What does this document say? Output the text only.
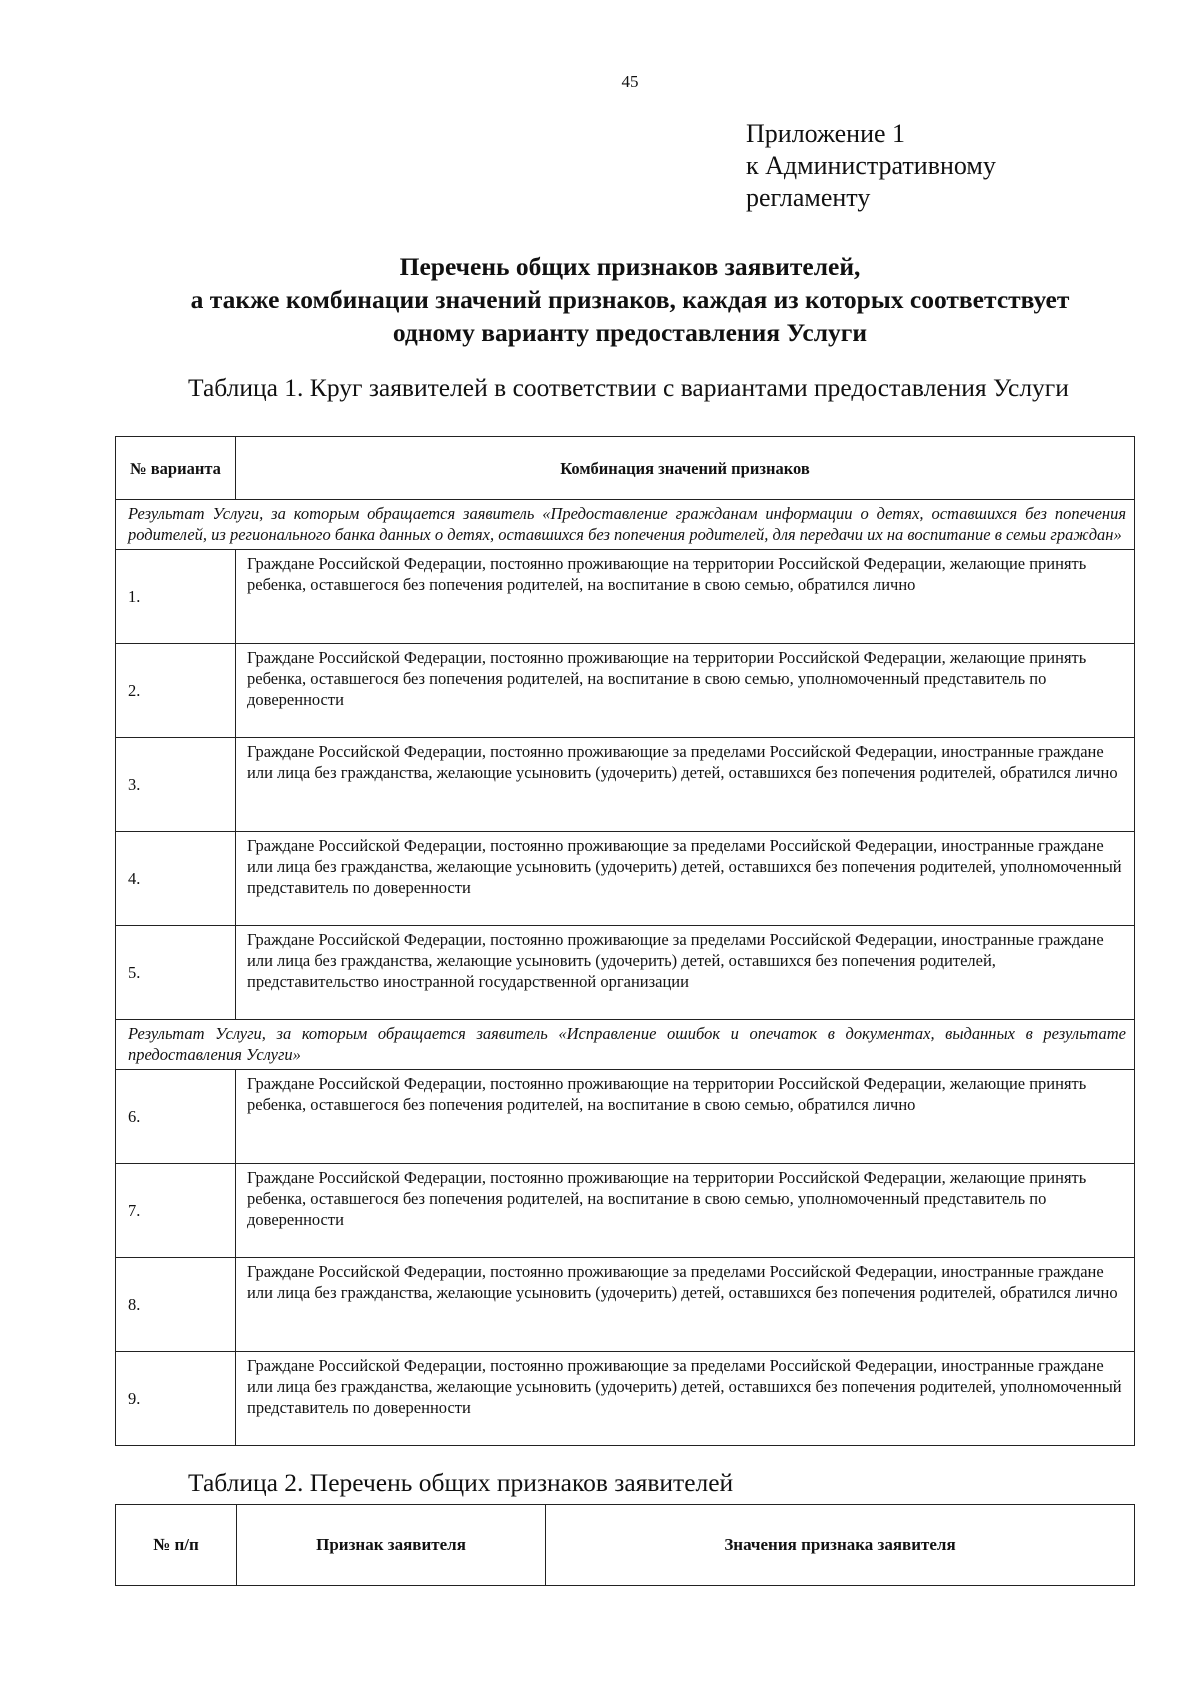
45
Приложение 1
к Административному
регламенту
Перечень общих признаков заявителей,
а также комбинации значений признаков, каждая из которых соответствует
одному варианту предоставления Услуги
Таблица 1. Круг заявителей в соответствии с вариантами предоставления Услуги
№ варианта	Комбинация значений признаков
Результат Услуги, за которым обращается заявитель «Предоставление гражданам информации о детях, оставшихся без попечения родителей, из регионального банка данных о детях, оставшихся без попечения родителей, для передачи их на воспитание в семьи граждан»	
1.	Граждане Российской Федерации, постоянно проживающие на территории Российской Федерации, желающие принять ребенка, оставшегося без попечения родителей, на воспитание в свою семью, обратился лично
2.	Граждане Российской Федерации, постоянно проживающие на территории Российской Федерации, желающие принять ребенка, оставшегося без попечения родителей, на воспитание в свою семью, уполномоченный представитель по доверенности
3.	Граждане Российской Федерации, постоянно проживающие за пределами Российской Федерации, иностранные граждане или лица без гражданства, желающие усыновить (удочерить) детей, оставшихся без попечения родителей, обратился лично
4.	Граждане Российской Федерации, постоянно проживающие за пределами Российской Федерации, иностранные граждане или лица без гражданства, желающие усыновить (удочерить) детей, оставшихся без попечения родителей, уполномоченный представитель по доверенности
5.	Граждане Российской Федерации, постоянно проживающие за пределами Российской Федерации, иностранные граждане или лица без гражданства, желающие усыновить (удочерить) детей, оставшихся без попечения родителей, представительство иностранной государственной организации
Результат Услуги, за которым обращается заявитель «Исправление ошибок и опечаток в документах, выданных в результате предоставления Услуги»	
6.	Граждане Российской Федерации, постоянно проживающие на территории Российской Федерации, желающие принять ребенка, оставшегося без попечения родителей, на воспитание в свою семью, обратился лично
7.	Граждане Российской Федерации, постоянно проживающие на территории Российской Федерации, желающие принять ребенка, оставшегося без попечения родителей, на воспитание в свою семью, уполномоченный представитель по доверенности
8.	Граждане Российской Федерации, постоянно проживающие за пределами Российской Федерации, иностранные граждане или лица без гражданства, желающие усыновить (удочерить) детей, оставшихся без попечения родителей, обратился лично
9.	Граждане Российской Федерации, постоянно проживающие за пределами Российской Федерации, иностранные граждане или лица без гражданства, желающие усыновить (удочерить) детей, оставшихся без попечения родителей, уполномоченный представитель по доверенности
Таблица 2. Перечень общих признаков заявителей
№ п/п	Признак заявителя	Значения признака заявителя
